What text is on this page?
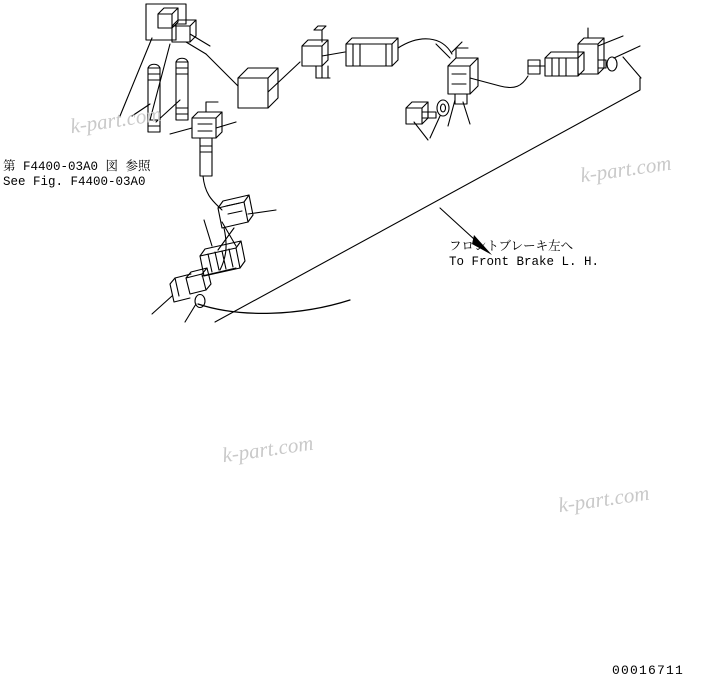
第 F4400-03A0 図 参照
See Fig. F4400-03A0
フロントブレーキ左へ
To Front Brake L. H.
00016711
k-part.com
k-part.com
k-part.com
k-part.com
